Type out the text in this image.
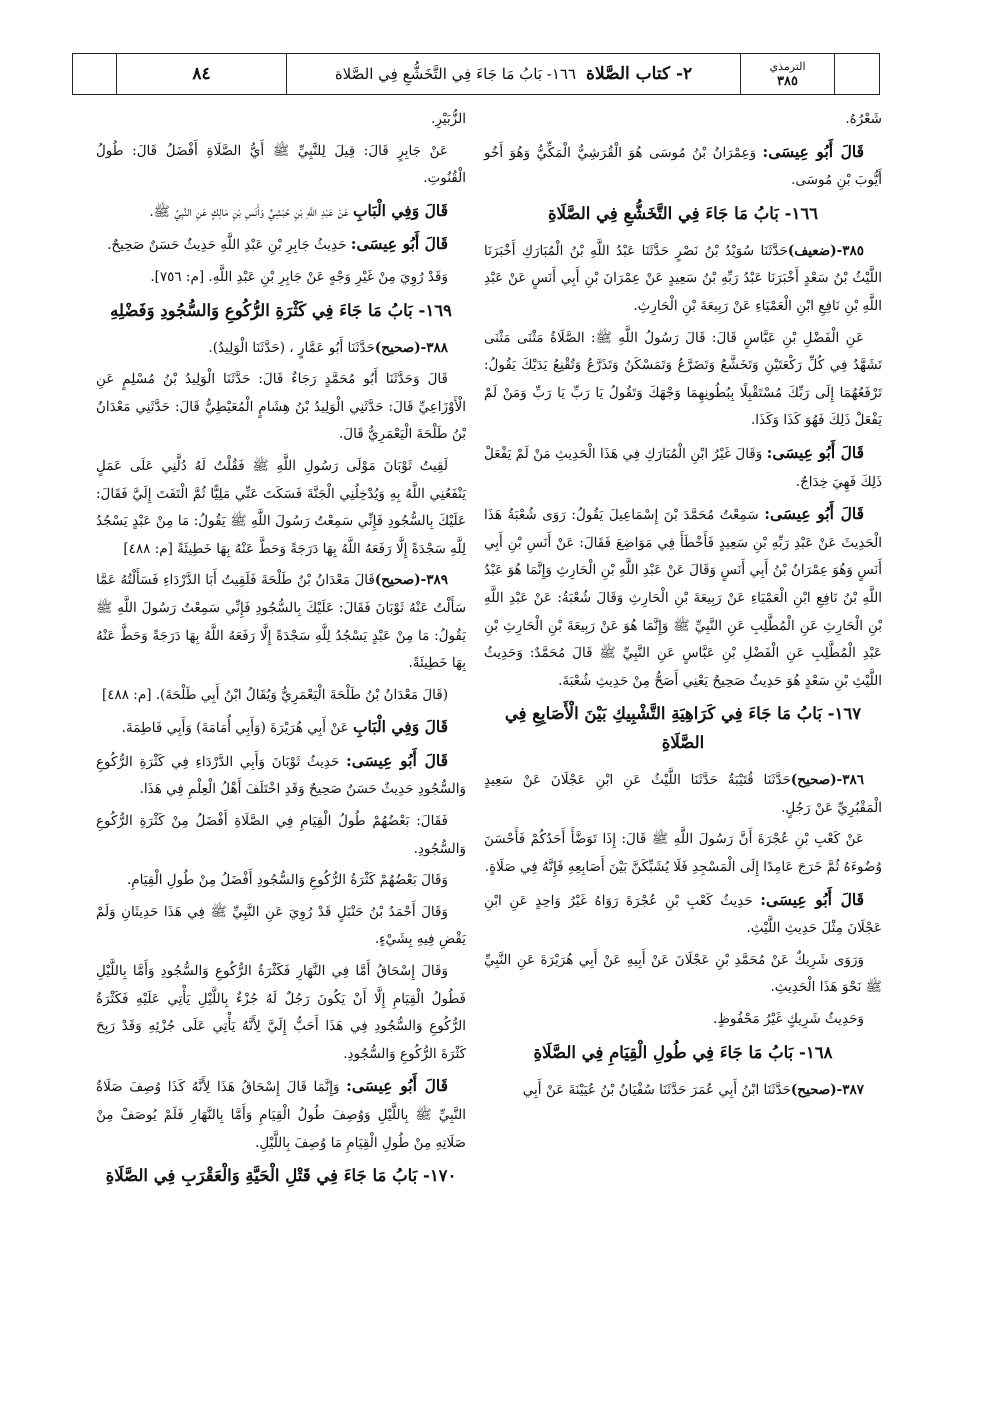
٨٤	٢- كتاب الصَّلاة
١٦٦- بَابُ مَا جَاءَ فِي التَّخَشُّعِ فِي الصَّلاة	الترمذي
٣٨٥

شَعْرُهُ.

قَالَ أَبُو عِيسَى: وَعِمْرَانُ بْنُ مُوسَى هُوَ الْقُرَشِيُّ الْمَكِّيُّ وَهُوَ أَخُو أَيُّوبَ بْنِ مُوسَى.

١٦٦- بَابُ مَا جَاءَ فِي التَّخَشُّعِ فِي الصَّلَاةِ

٣٨٥-(ضعيف)حَدَّثَنَا سُوَيْدُ بْنُ نَصْرٍ حَدَّثَنَا عَبْدُ اللَّهِ بْنُ الْمُبَارَكِ أَخْبَرَنَا اللَّيْثُ بْنُ سَعْدٍ أَخْبَرَنَا عَبْدُ رَبِّهِ بْنُ سَعِيدٍ عَنْ عِمْرَانَ بْنِ أَبِي أَنَسٍ عَنْ عَبْدِ اللَّهِ بْنِ نَافِعِ ابْنِ الْعَمْيَاءِ عَنْ رَبِيعَةَ بْنِ الْحَارِثِ.

عَنِ الْفَضْلِ بْنِ عَبَّاسٍ قَالَ: قَالَ رَسُولُ اللَّهِ ﷺ: الصَّلَاةُ مَثْنَى مَثْنَى تَشَهَّدُ فِي كُلِّ رَكْعَتَيْنِ وَتَخَشَّعُ وَتَضَرَّعُ وَتَمَسْكَنُ وَتَذَرَّعُ وَتُقْنِعُ يَدَيْكَ يَقُولُ: تَرْفَعُهُمَا إِلَى رَبِّكَ مُسْتَقْبِلًا بِبُطُونِهِمَا وَجْهَكَ وَتَقُولُ يَا رَبِّ يَا رَبِّ وَمَنْ لَمْ يَفْعَلْ ذَلِكَ فَهُوَ كَذَا وَكَذَا.

قَالَ أَبُو عِيسَى: وَقَالَ غَيْرُ ابْنِ الْمُبَارَكِ فِي هَذَا الْحَدِيثِ مَنْ لَمْ يَفْعَلْ ذَلِكَ فَهِيَ خِدَاجٌ.

قَالَ أَبُو عِيسَى: سَمِعْتُ مُحَمَّدَ بْنَ إِسْمَاعِيلَ يَقُولُ: رَوَى شُعْبَةُ هَذَا الْحَدِيثَ عَنْ عَبْدِ رَبِّهِ بْنِ سَعِيدٍ فَأَخْطَأَ فِي مَوَاضِعَ فَقَالَ: عَنْ أَنَسِ بْنِ أَبِي أَنَسٍ وَهُوَ عِمْرَانُ بْنُ أَبِي أَنَسٍ وَقَالَ عَنْ عَبْدِ اللَّهِ بْنِ الْحَارِثِ وَإِنَّمَا هُوَ عَبْدُ اللَّهِ بْنُ نَافِعِ ابْنِ الْعَمْيَاءِ عَنْ رَبِيعَةَ بْنِ الْحَارِثِ وَقَالَ شُعْبَةُ: عَنْ عَبْدِ اللَّهِ بْنِ الْحَارِثِ عَنِ الْمُطَّلِبِ عَنِ النَّبِيِّ ﷺ وَإِنَّمَا هُوَ عَنْ رَبِيعَةَ بْنِ الْحَارِثِ بْنِ عَبْدِ الْمُطَّلِبِ عَنِ الْفَضْلِ بْنِ عَبَّاسٍ عَنِ النَّبِيِّ ﷺ قَالَ مُحَمَّدٌ: وَحَدِيثُ اللَّيْثِ بْنِ سَعْدٍ هُوَ حَدِيثٌ صَحِيحٌ يَعْنِي أَصَحُّ مِنْ حَدِيثِ شُعْبَةَ.

١٦٧- بَابُ مَا جَاءَ فِي كَرَاهِيَةِ التَّشْبِيكِ بَيْنَ الْأَصَابِعِ فِي الصَّلَاةِ

٣٨٦-(صحيح)حَدَّثَنَا قُتَيْبَةُ حَدَّثَنَا اللَّيْثُ عَنِ ابْنِ عَجْلَانَ عَنْ سَعِيدٍ الْمَقْبُرِيِّ عَنْ رَجُلٍ.

عَنْ كَعْبِ بْنِ عُجْرَةَ أَنَّ رَسُولَ اللَّهِ ﷺ قَالَ: إِذَا تَوَضَّأَ أَحَدُكُمْ فَأَحْسَنَ وُضُوءَهُ ثُمَّ خَرَجَ عَامِدًا إِلَى الْمَسْجِدِ فَلَا يُشَبِّكَنَّ بَيْنَ أَصَابِعِهِ فَإِنَّهُ فِي صَلَاةٍ.

قَالَ أَبُو عِيسَى: حَدِيثُ كَعْبِ بْنِ عُجْرَةَ رَوَاهُ غَيْرُ وَاحِدٍ عَنِ ابْنِ عَجْلَانَ مِثْلَ حَدِيثِ اللَّيْثِ.

وَرَوَى شَرِيكٌ عَنْ مُحَمَّدِ بْنِ عَجْلَانَ عَنْ أَبِيهِ عَنْ أَبِي هُرَيْرَةَ عَنِ النَّبِيِّ ﷺ نَحْوَ هَذَا الْحَدِيثِ.

وَحَدِيثُ شَرِيكٍ غَيْرُ مَحْفُوظٍ.

١٦٨- بَابُ مَا جَاءَ فِي طُولِ الْقِيَامِ فِي الصَّلَاةِ

٣٨٧-(صحيح)حَدَّثَنَا ابْنُ أَبِي عُمَرَ حَدَّثَنَا سُفْيَانُ بْنُ عُيَيْنَةَ عَنْ أَبِي

الزُّبَيْرِ.

عَنْ جَابِرٍ قَالَ: قِيلَ لِلنَّبِيِّ ﷺ أَيُّ الصَّلَاةِ أَفْضَلُ قَالَ: طُولُ الْقُنُوتِ.

قَالَ وَفِي الْبَابِ عَنْ عَبْدِ اللَّهِ بْنِ حُبْشِيٍّ وَأَنَسِ بْنِ مَالِكٍ عَنِ النَّبِيِّ ﷺ.

قَالَ أَبُو عِيسَى: حَدِيثُ جَابِرِ بْنِ عَبْدِ اللَّهِ حَدِيثٌ حَسَنٌ صَحِيحٌ.

وَقَدْ رُوِيَ مِنْ غَيْرِ وَجْهٍ عَنْ جَابِرِ بْنِ عَبْدِ اللَّهِ. [م: ٧٥٦].

١٦٩- بَابُ مَا جَاءَ فِي كَثْرَةِ الرُّكُوعِ وَالسُّجُودِ وَفَضْلِهِ

٣٨٨-(صحيح)حَدَّثَنَا أَبُو عَمَّارٍ ، (حَدَّثَنَا الْوَلِيدُ).

قَالَ وَحَدَّثَنَا أَبُو مُحَمَّدٍ رَجَاءٌ قَالَ: حَدَّثَنَا الْوَلِيدُ بْنُ مُسْلِمٍ عَنِ الْأَوْزَاعِيِّ قَالَ: حَدَّثَنِي الْوَلِيدُ بْنُ هِشَامٍ الْمُعَيْطِيُّ قَالَ: حَدَّثَنِي مَعْدَانُ بْنُ طَلْحَةَ الْيَعْمَرِيُّ قَالَ.

لَقِيتُ ثَوْبَانَ مَوْلَى رَسُولِ اللَّهِ ﷺ فَقُلْتُ لَهُ دُلَّنِي عَلَى عَمَلٍ يَنْفَعُنِي اللَّهُ بِهِ وَيُدْخِلُنِي الْجَنَّةَ فَسَكَتَ عَنِّي مَلِيًّا ثُمَّ الْتَفَتَ إِلَيَّ فَقَالَ: عَلَيْكَ بِالسُّجُودِ فَإِنِّي سَمِعْتُ رَسُولَ اللَّهِ ﷺ يَقُولُ: مَا مِنْ عَبْدٍ يَسْجُدُ لِلَّهِ سَجْدَةً إِلَّا رَفَعَهُ اللَّهُ بِهَا دَرَجَةً وَحَطَّ عَنْهُ بِهَا خَطِيئَةً [م: ٤٨٨]

٣٨٩-(صحيح)قَالَ مَعْدَانُ بْنُ طَلْحَةَ فَلَقِيتُ أَبَا الدَّرْدَاءِ فَسَأَلْتُهُ عَمَّا سَأَلْتُ عَنْهُ ثَوْبَانَ فَقَالَ: عَلَيْكَ بِالسُّجُودِ فَإِنِّي سَمِعْتُ رَسُولَ اللَّهِ ﷺ يَقُولُ: مَا مِنْ عَبْدٍ يَسْجُدُ لِلَّهِ سَجْدَةً إِلَّا رَفَعَهُ اللَّهُ بِهَا دَرَجَةً وَحَطَّ عَنْهُ بِهَا خَطِيئَةً.

(قَالَ مَعْدَانُ بْنُ طَلْحَةَ الْيَعْمَرِيُّ وَيُقَالُ ابْنُ أَبِي طَلْحَةَ). [م: ٤٨٨]

قَالَ وَفِي الْبَابِ عَنْ أَبِي هُرَيْرَةَ (وَأَبِي أُمَامَةَ) وَأَبِي فَاطِمَةَ.

قَالَ أَبُو عِيسَى: حَدِيثُ ثَوْبَانَ وَأَبِي الدَّرْدَاءِ فِي كَثْرَةِ الرُّكُوعِ وَالسُّجُودِ حَدِيثٌ حَسَنٌ صَحِيحٌ وَقَدِ اخْتَلَفَ أَهْلُ الْعِلْمِ فِي هَذَا.

فَقَالَ: بَعْضُهُمْ طُولُ الْقِيَامِ فِي الصَّلَاةِ أَفْضَلُ مِنْ كَثْرَةِ الرُّكُوعِ وَالسُّجُودِ.

وَقَالَ بَعْضُهُمْ كَثْرَةُ الرُّكُوعِ وَالسُّجُودِ أَفْضَلُ مِنْ طُولِ الْقِيَامِ.

وَقَالَ أَحْمَدُ بْنُ حَنْبَلٍ قَدْ رُوِيَ عَنِ النَّبِيِّ ﷺ فِي هَذَا حَدِيثَانِ وَلَمْ يَقْضِ فِيهِ بِشَيْءٍ.

وَقَالَ إِسْحَاقُ أَمَّا فِي النَّهَارِ فَكَثْرَةُ الرُّكُوعِ وَالسُّجُودِ وَأَمَّا بِاللَّيْلِ فَطُولُ الْقِيَامِ إِلَّا أَنْ يَكُونَ رَجُلٌ لَهُ جُزْءٌ بِاللَّيْلِ يَأْتِي عَلَيْهِ فَكَثْرَةُ الرُّكُوعِ وَالسُّجُودِ فِي هَذَا أَحَبُّ إِلَيَّ لِأَنَّهُ يَأْتِي عَلَى جُزْئِهِ وَقَدْ رَبِحَ كَثْرَةَ الرُّكُوعِ وَالسُّجُودِ.

قَالَ أَبُو عِيسَى: وَإِنَّمَا قَالَ إِسْحَاقُ هَذَا لِأَنَّهُ كَذَا وُصِفَ صَلَاةُ النَّبِيِّ ﷺ بِاللَّيْلِ وَوُصِفَ طُولُ الْقِيَامِ وَأَمَّا بِالنَّهَارِ فَلَمْ يُوصَفْ مِنْ صَلَاتِهِ مِنْ طُولِ الْقِيَامِ مَا وُصِفَ بِاللَّيْلِ.

١٧٠- بَابُ مَا جَاءَ فِي قَتْلِ الْحَيَّةِ وَالْعَقْرَبِ فِي الصَّلَاةِ
